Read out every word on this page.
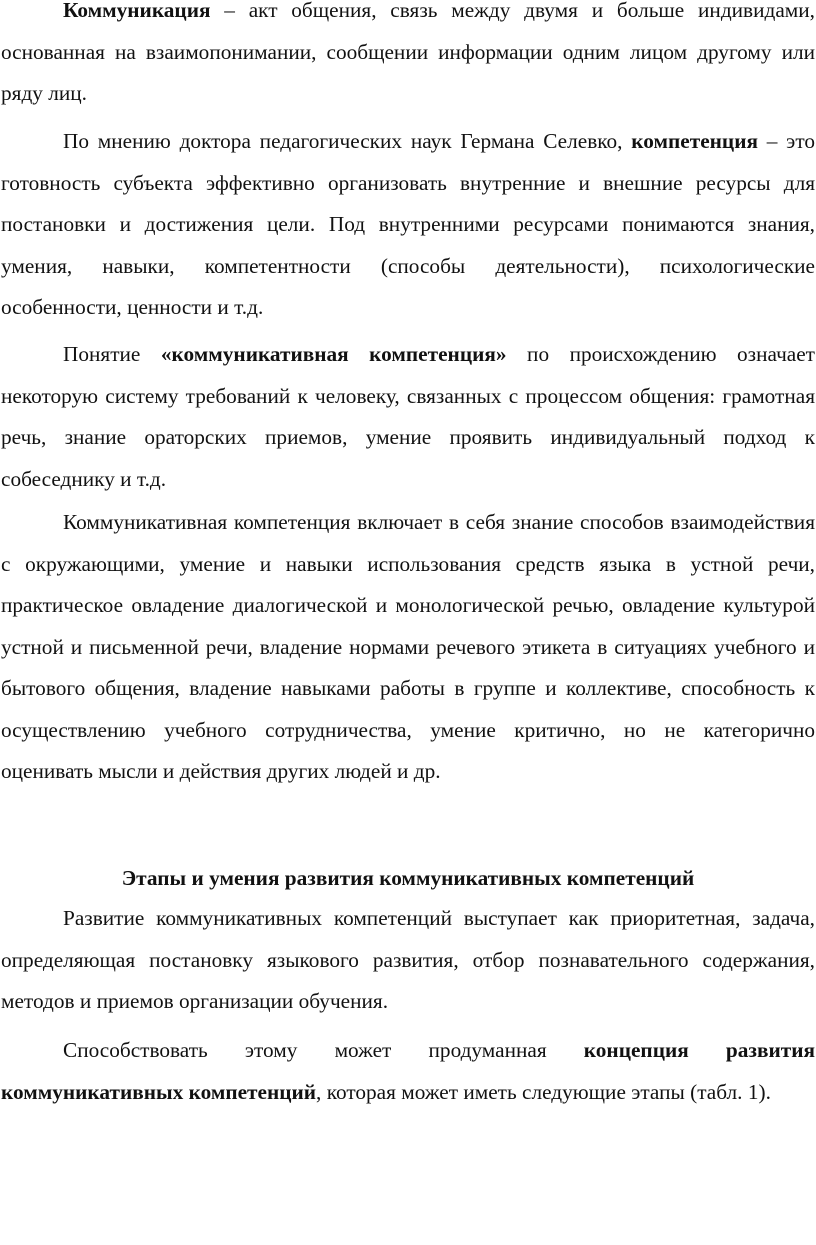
Коммуникация – акт общения, связь между двумя и больше индивидами, основанная на взаимопонимании, сообщении информации одним лицом другому или ряду лиц.

По мнению доктора педагогических наук Германа Селевко, компетенция – это готовность субъекта эффективно организовать внутренние и внешние ресурсы для постановки и достижения цели. Под внутренними ресурсами понимаются знания, умения, навыки, компетентности (способы деятельности), психологические особенности, ценности и т.д.

Понятие «коммуникативная компетенция» по происхождению означает некоторую систему требований к человеку, связанных с процессом общения: грамотная речь, знание ораторских приемов, умение проявить индивидуальный подход к собеседнику и т.д.

Коммуникативная компетенция включает в себя знание способов взаимодействия с окружающими, умение и навыки использования средств языка в устной речи, практическое овладение диалогической и монологической речью, овладение культурой устной и письменной речи, владение нормами речевого этикета в ситуациях учебного и бытового общения, владение навыками работы в группе и коллективе, способность к осуществлению учебного сотрудничества, умение критично, но не категорично оценивать мысли и действия других людей и др.

Этапы и умения развития коммуникативных компетенций

Развитие коммуникативных компетенций выступает как приоритетная, задача, определяющая постановку языкового развития, отбор познавательного содержания, методов и приемов организации обучения.

Способствовать этому может продуманная концепция развития коммуникативных компетенций, которая может иметь следующие этапы (табл. 1).
